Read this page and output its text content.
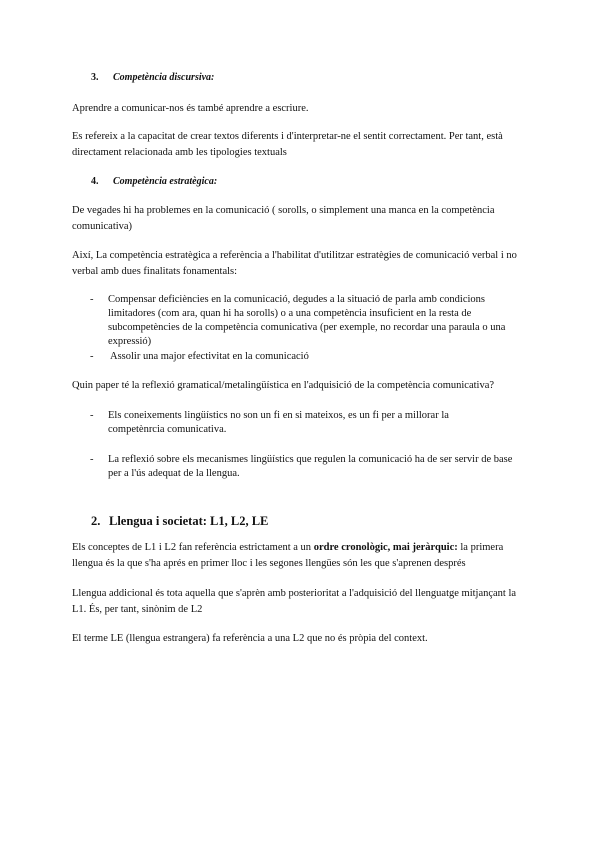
3. Competència discursiva:

Aprendre a comunicar-nos és també aprendre a escriure.

Es refereix a la capacitat de crear textos diferents i d'interpretar-ne el sentit correctament. Per tant, està directament relacionada amb les tipologies textuals

4. Competència estratègica:

De vegades hi ha problemes en la comunicació ( sorolls, o simplement una manca en la competència comunicativa)

Així, La competència estratègica a referència a l'habilitat d'utilitzar estratègies de comunicació verbal i no verbal amb dues finalitats fonamentals:

- Compensar deficiències en la comunicació, degudes a la situació de parla amb condicions limitadores (com ara, quan hi ha sorolls) o a una competència insuficient en la resta de subcompetències de la competència comunicativa (per exemple, no recordar una paraula o una expressió)
- Assolir una major efectivitat en la comunicació

Quin paper té la reflexió gramatical/metalingüística en l'adquisició de la competència comunicativa?

- Els coneixements lingüístics no son un fi en si mateixos, es un fi per a millorar la competènrcia comunicativa.
- La reflexió sobre els mecanismes lingüístics que regulen la comunicació ha de ser servir de base per a l'ús adequat de la llengua.

2. Llengua i societat: L1, L2, LE

Els conceptes de L1 i L2 fan referència estrictament a un ordre cronològic, mai jeràrquic: la primera llengua és la que s'ha aprés en primer lloc i les segones llengües són les que s'aprenen després

Llengua addicional és tota aquella que s'aprèn amb posterioritat a l'adquisició del llenguatge mitjançant la L1. És, per tant, sinònim de L2

El terme LE (llengua estrangera) fa referència a una L2 que no és pròpia del context.
